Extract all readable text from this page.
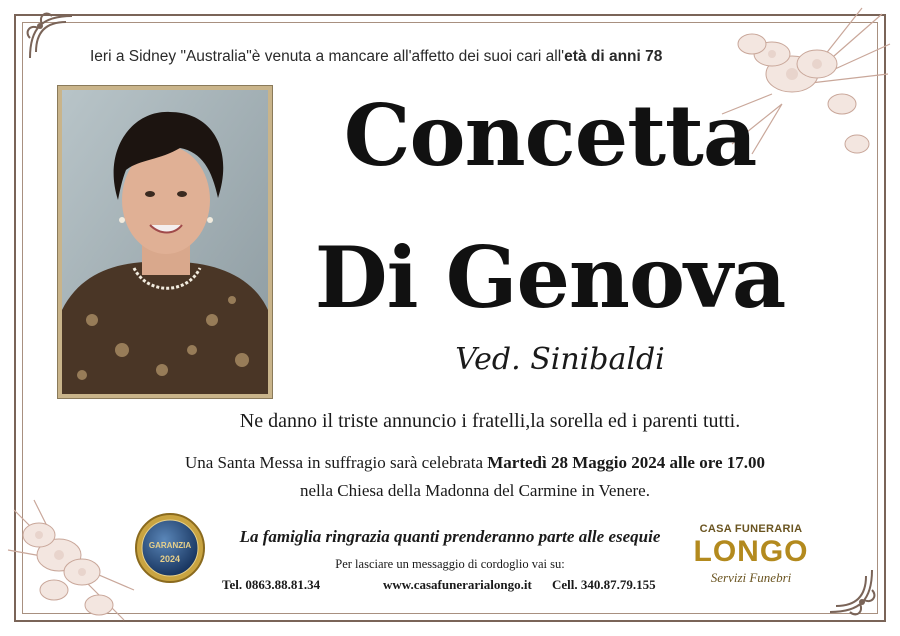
Ieri a Sidney "Australia"è venuta a mancare all'affetto dei suoi cari all'età di anni 78
Concetta
Di Genova
Ved. Sinibaldi
Ne danno il triste annuncio i fratelli,la sorella ed i parenti tutti.
Una Santa Messa in suffragio sarà celebrata Martedì 28 Maggio 2024 alle ore 17.00
nella Chiesa della Madonna del Carmine in Venere.
GARANZIA
2024
La famiglia ringrazia quanti prenderanno parte alle esequie
Per lasciare un messaggio di cordoglio vai su:
Tel. 0863.88.81.34	www.casafunerarialongo.it Cell. 340.87.79.155
CASA FUNERARIA
LONGO
Servizi Funebri
